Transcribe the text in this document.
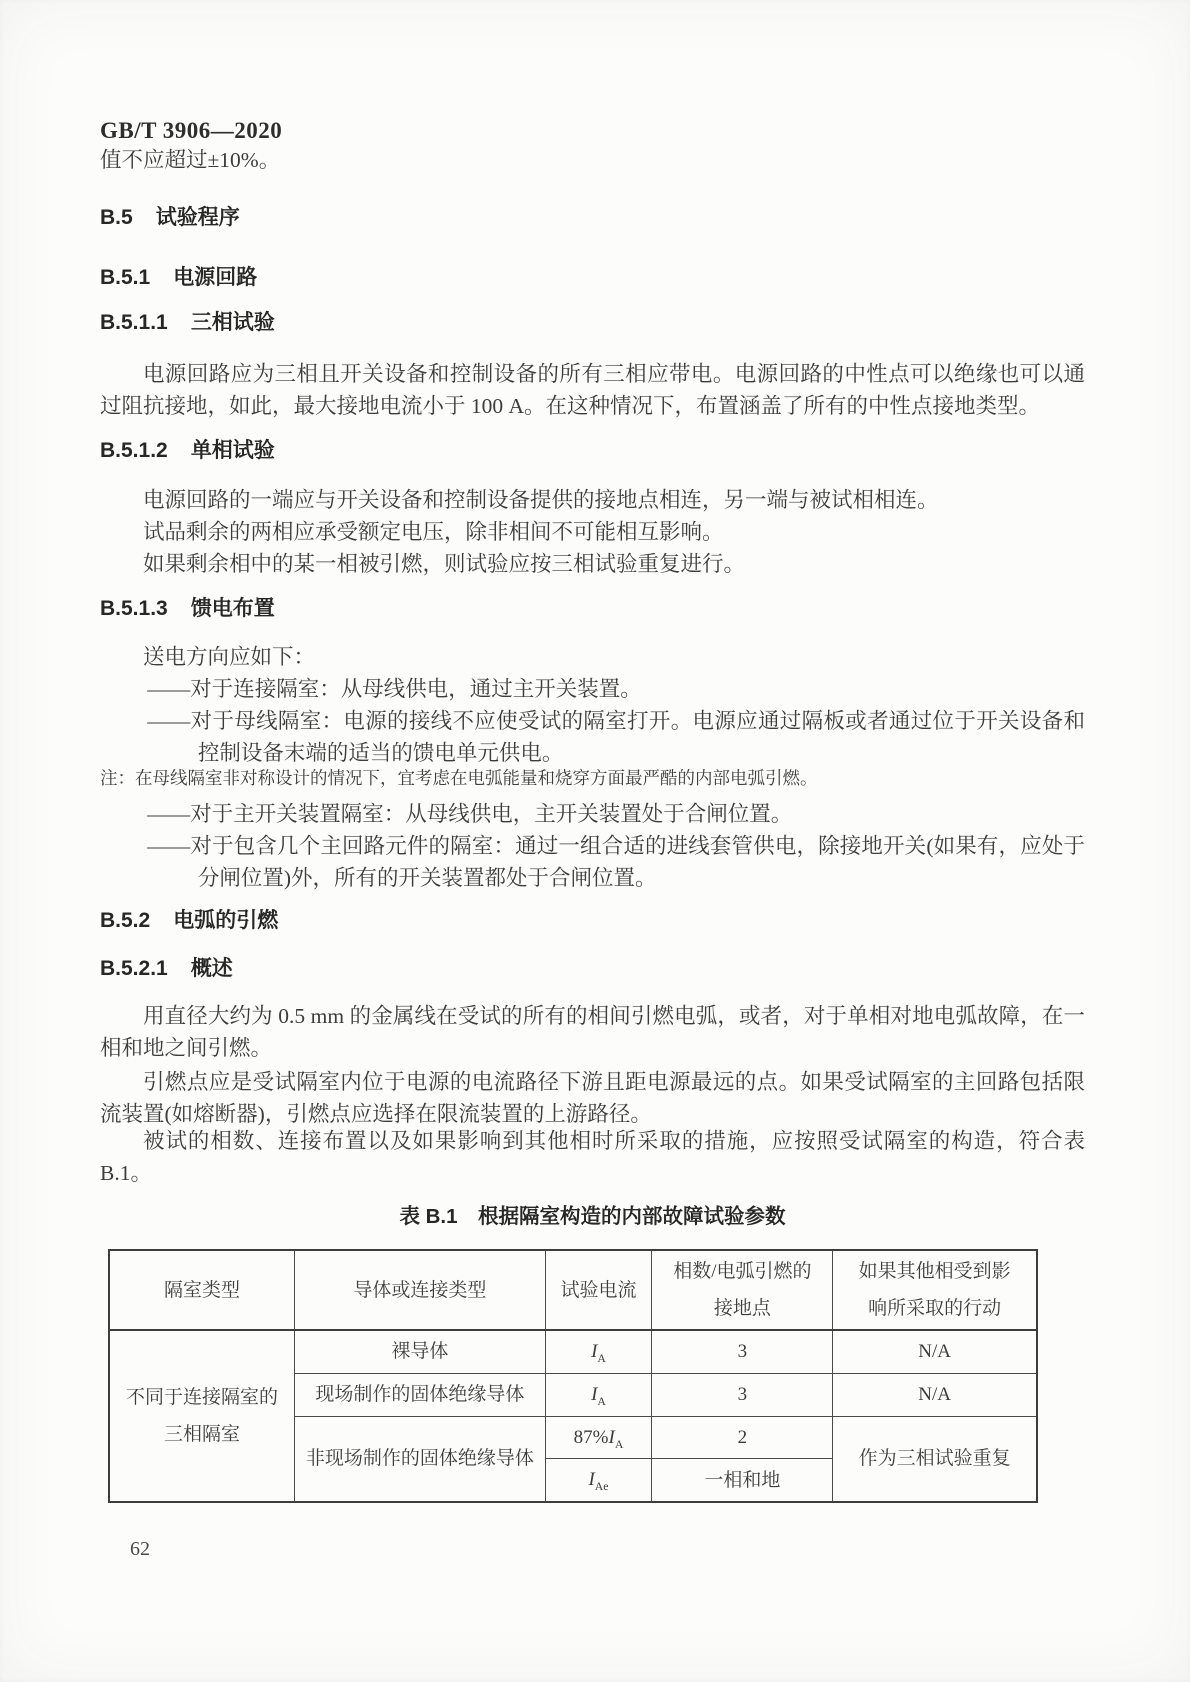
GB/T 3906—2020

值不应超过±10%。

B.5 试验程序
B.5.1 电源回路
B.5.1.1 三相试验

电源回路应为三相且开关设备和控制设备的所有三相应带电。电源回路的中性点可以绝缘也可以通过阻抗接地，如此，最大接地电流小于 100 A。在这种情况下，布置涵盖了所有的中性点接地类型。

B.5.1.2 单相试验

电源回路的一端应与开关设备和控制设备提供的接地点相连，另一端与被试相相连。

试品剩余的两相应承受额定电压，除非相间不可能相互影响。

如果剩余相中的某一相被引燃，则试验应按三相试验重复进行。

B.5.1.3 馈电布置

送电方向应如下：

——对于连接隔室：从母线供电，通过主开关装置。

——对于母线隔室：电源的接线不应使受试的隔室打开。电源应通过隔板或者通过位于开关设备和控制设备末端的适当的馈电单元供电。

注：在母线隔室非对称设计的情况下，宜考虑在电弧能量和烧穿方面最严酷的内部电弧引燃。

——对于主开关装置隔室：从母线供电，主开关装置处于合闸位置。

——对于包含几个主回路元件的隔室：通过一组合适的进线套管供电，除接地开关(如果有，应处于分闸位置)外，所有的开关装置都处于合闸位置。

B.5.2 电弧的引燃
B.5.2.1 概述

用直径大约为 0.5 mm 的金属线在受试的所有的相间引燃电弧，或者，对于单相对地电弧故障，在一相和地之间引燃。

引燃点应是受试隔室内位于电源的电流路径下游且距电源最远的点。如果受试隔室的主回路包括限流装置(如熔断器)，引燃点应选择在限流装置的上游路径。

被试的相数、连接布置以及如果影响到其他相时所采取的措施，应按照受试隔室的构造，符合表 B.1。

表 B.1 根据隔室构造的内部故障试验参数
隔室类型	导体或连接类型	试验电流	相数/电弧引燃的接地点	如果其他相受到影响所采取的行动
不同于连接隔室的三相隔室	裸导体	$I_A$	3	N/A
	现场制作的固体绝缘导体	$I_A$	3	N/A
	非现场制作的固体绝缘导体	$87\%I_A$	2	作为三相试验重复
		$I_{Ae}$	一相和地	
62
